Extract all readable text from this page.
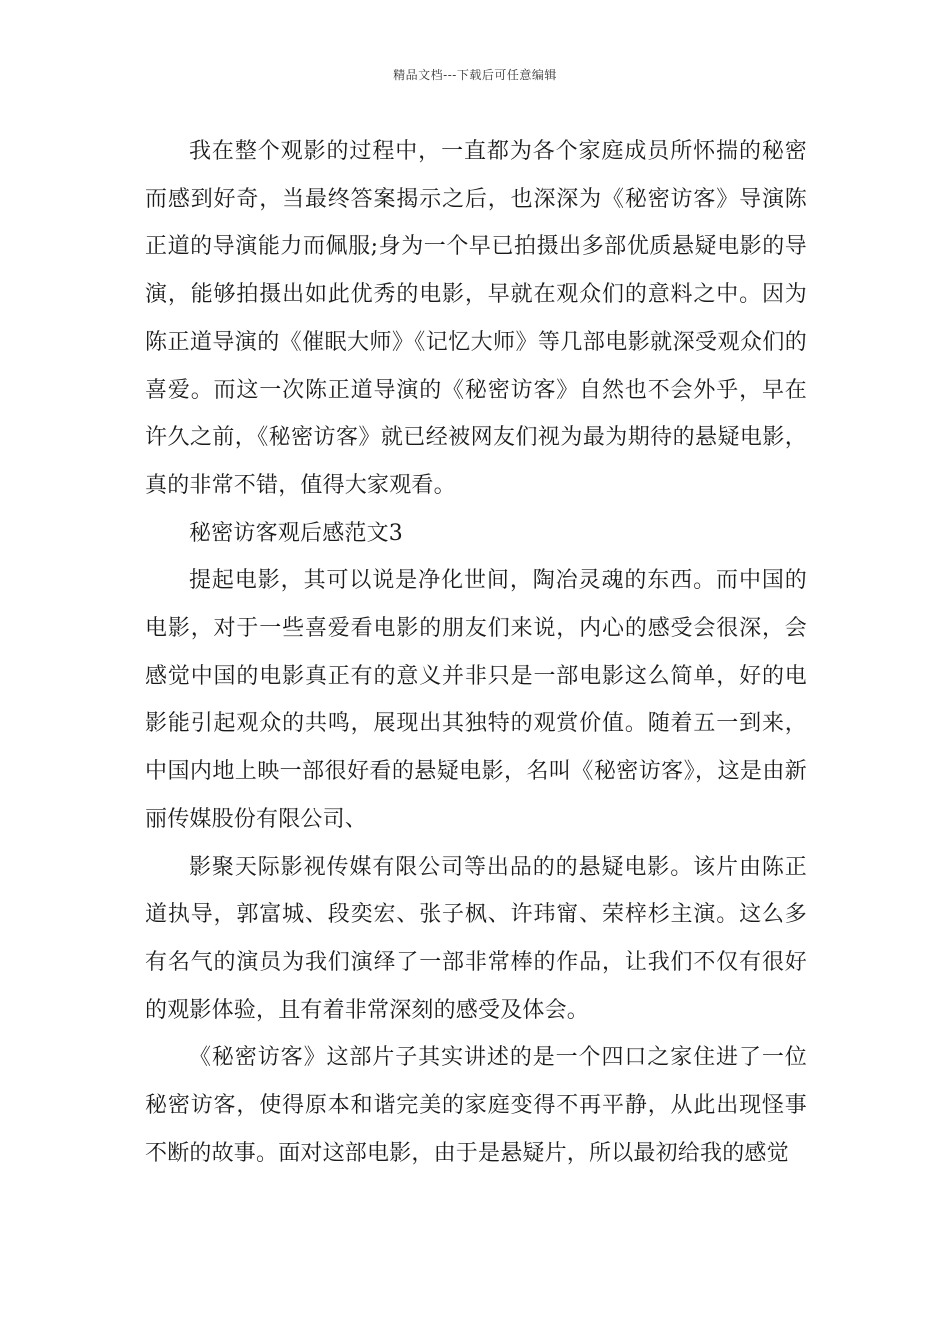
精品文档---下载后可任意编辑

我在整个观影的过程中，一直都为各个家庭成员所怀揣的秘密而感到好奇，当最终答案揭示之后，也深深为《秘密访客》导演陈正道的导演能力而佩服;身为一个早已拍摄出多部优质悬疑电影的导演，能够拍摄出如此优秀的电影，早就在观众们的意料之中。因为陈正道导演的《催眠大师》《记忆大师》等几部电影就深受观众们的喜爱。而这一次陈正道导演的《秘密访客》自然也不会外乎，早在许久之前，《秘密访客》就已经被网友们视为最为期待的悬疑电影，真的非常不错，值得大家观看。

秘密访客观后感范文3

提起电影，其可以说是净化世间，陶冶灵魂的东西。而中国的电影，对于一些喜爱看电影的朋友们来说，内心的感受会很深，会感觉中国的电影真正有的意义并非只是一部电影这么简单，好的电影能引起观众的共鸣，展现出其独特的观赏价值。随着五一到来，中国内地上映一部很好看的悬疑电影，名叫《秘密访客》，这是由新丽传媒股份有限公司、

影聚天际影视传媒有限公司等出品的的悬疑电影。该片由陈正道执导，郭富城、段奕宏、张子枫、许玮甯、荣梓杉主演。这么多有名气的演员为我们演绎了一部非常棒的作品，让我们不仅有很好的观影体验，且有着非常深刻的感受及体会。

《秘密访客》这部片子其实讲述的是一个四口之家住进了一位秘密访客，使得原本和谐完美的家庭变得不再平静，从此出现怪事不断的故事。面对这部电影，由于是悬疑片，所以最初给我的感觉
